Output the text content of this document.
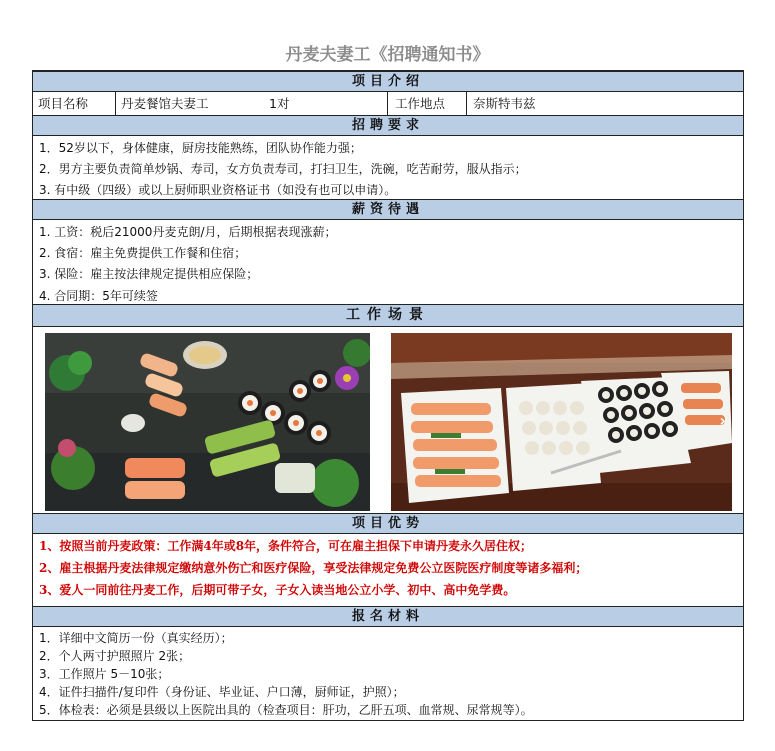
丹麦夫妻工《招聘通知书》
项目介绍
项目名称	丹麦餐馆夫妻工	1对	工作地点 奈斯特韦兹
招聘要求
1．52岁以下，身体健康，厨房技能熟练，团队协作能力强；
2．男方主要负责简单炒锅、寿司，女方负责寿司，打扫卫生，洗碗，吃苦耐劳，服从指示；
3. 有中级（四级）或以上厨师职业资格证书（如没有也可以申请）。
薪资待遇
1. 工资：税后21000丹麦克朗/月，后期根据表现涨薪；
2. 食宿：雇主免费提供工作餐和住宿；
3. 保险：雇主按法律规定提供相应保险；
4. 合同期：5年可续签
工作场景
›
项目优势
1、按照当前丹麦政策：工作满4年或8年，条件符合，可在雇主担保下申请丹麦永久居住权；
2、雇主根据丹麦法律规定缴纳意外伤亡和医疗保险，享受法律规定免费公立医院医疗制度等诸多福利；
3、爱人一同前往丹麦工作，后期可带子女，子女入读当地公立小学、初中、高中免学费。
报名材料
1．详细中文简历一份（真实经历）；
2．个人两寸护照照片 2张；
3．工作照片 5－10张；
4．证件扫描件/复印件（身份证、毕业证、户口薄，厨师证，护照）；
5．体检表：必须是县级以上医院出具的（检查项目：肝功，乙肝五项、血常规、尿常规等）。
